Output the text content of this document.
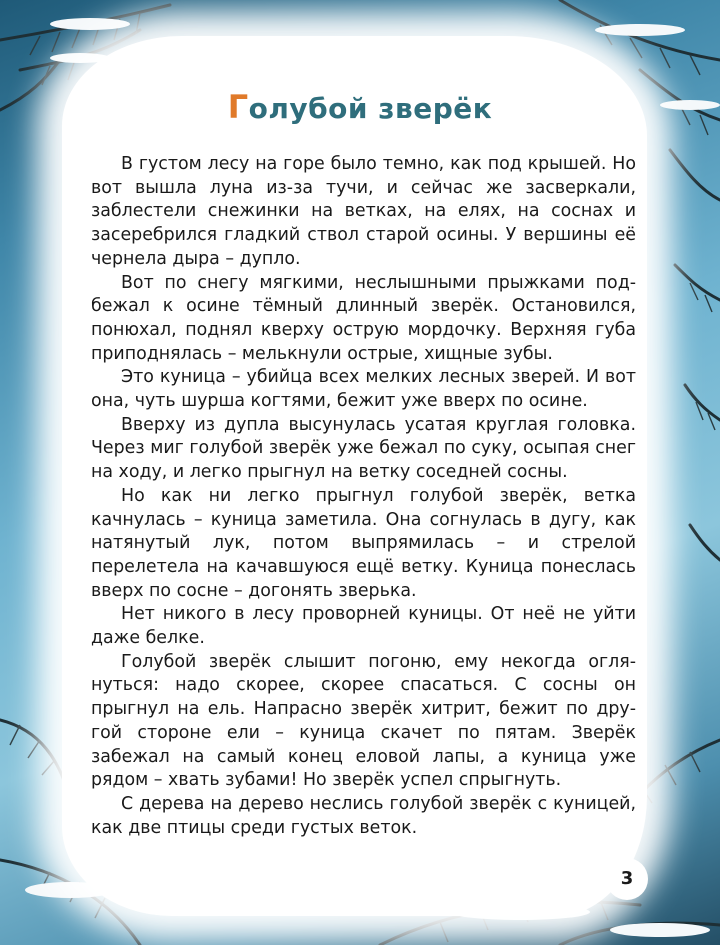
Голубой зверёк

В густом лесу на горе было темно, как под крышей. Но вот вышла луна из-за тучи, и сейчас же засверкали, заблестели снежинки на ветках, на елях, на соснах и засеребрился гладкий ствол старой осины. У вершины её чернела дыра – дупло.

Вот по снегу мягкими, неслышными прыжками подбежал к осине тёмный длинный зверёк. Остановился, понюхал, поднял кверху острую мордочку. Верхняя губа приподнялась – мелькнули острые, хищные зубы.

Это куница – убийца всех мелких лесных зверей. И вот она, чуть шурша когтями, бежит уже вверх по осине.

Вверху из дупла высунулась усатая круглая головка. Через миг голубой зверёк уже бежал по суку, осыпая снег на ходу, и легко прыгнул на ветку соседней сосны.

Но как ни легко прыгнул голубой зверёк, ветка качнулась – куница заметила. Она согнулась в дугу, как натянутый лук, потом выпрямилась – и стрелой перелетела на качавшуюся ещё ветку. Куница понеслась вверх по сосне – догонять зверька.

Нет никого в лесу проворней куницы. От неё не уйти даже белке.

Голубой зверёк слышит погоню, ему некогда оглянуться: надо скорее, скорее спасаться. С сосны он прыгнул на ель. Напрасно зверёк хитрит, бежит по другой стороне ели – куница скачет по пятам. Зверёк забежал на самый конец еловой лапы, а куница уже рядом – хвать зубами! Но зверёк успел спрыгнуть.

С дерева на дерево неслись голубой зверёк с куницей, как две птицы среди густых веток.

3
